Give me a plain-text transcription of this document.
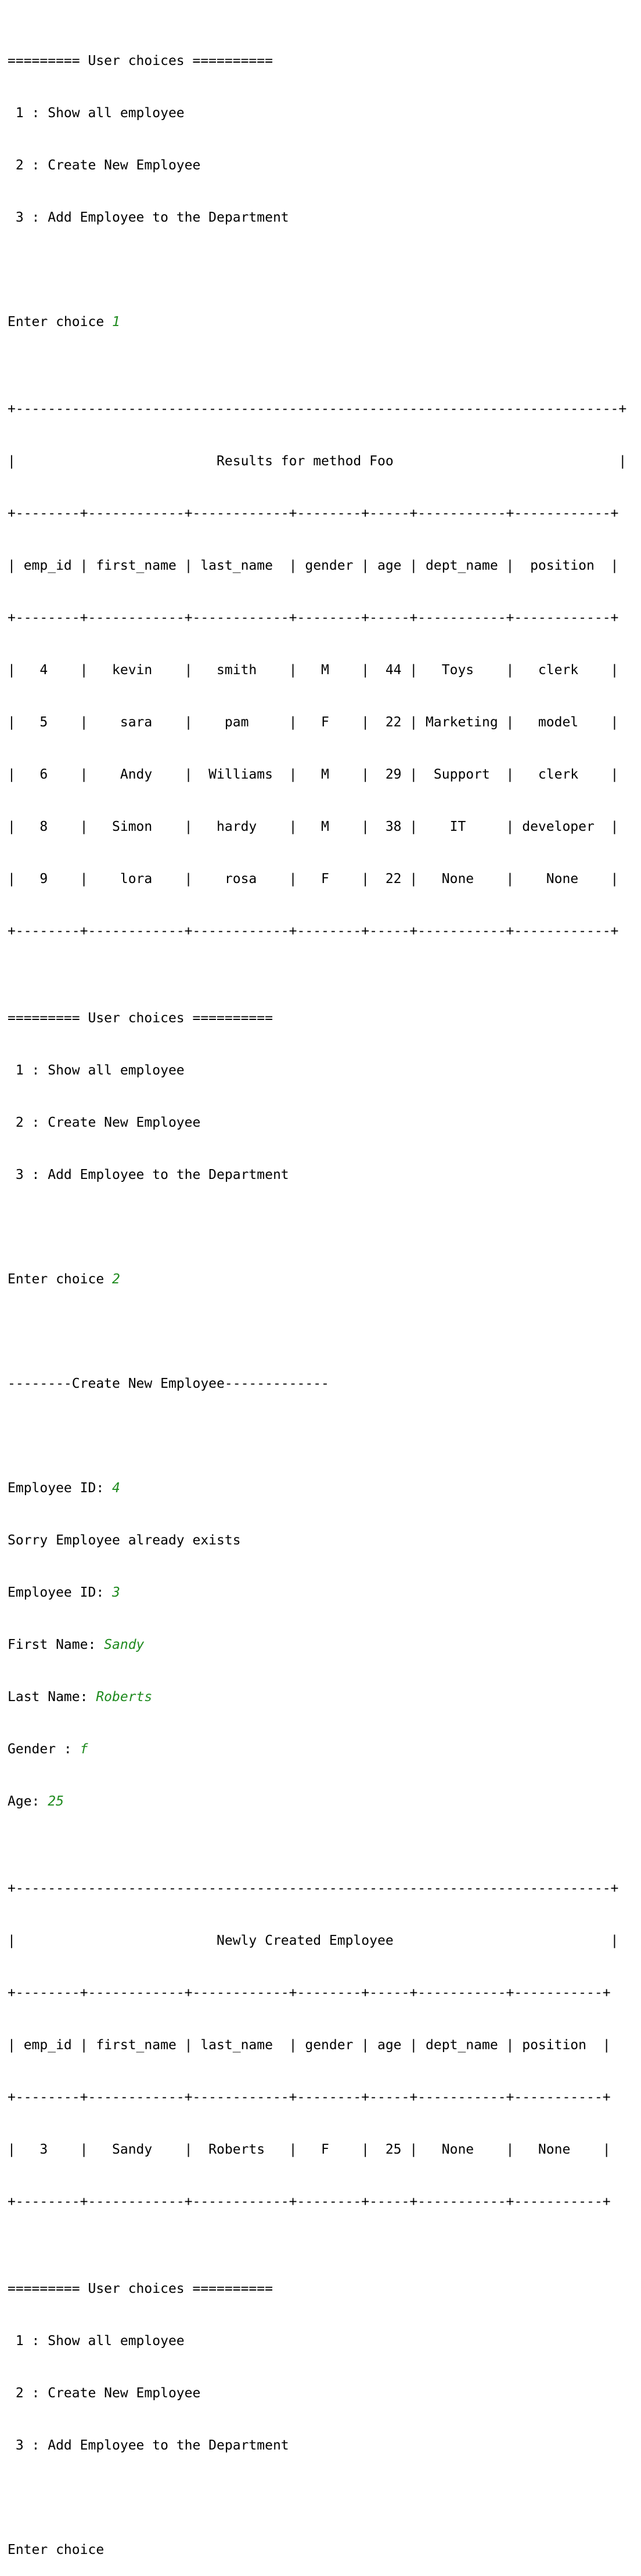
========= User choices ==========

1 : Show all employee

2 : Create New Employee

3 : Add Employee to the Department

Enter choice 1

+---------------------------------------------------------------------------+

|                         Results for method Foo                            |

+--------+------------+------------+--------+-----+-----------+------------+

| emp_id | first_name | last_name  | gender | age | dept_name |  position  |

+--------+------------+------------+--------+-----+-----------+------------+

|   4    |   kevin    |   smith    |   M    |  44 |   Toys    |   clerk    |

|   5    |    sara    |    pam     |   F    |  22 | Marketing |   model    |

|   6    |    Andy    |  Williams  |   M    |  29 |  Support  |   clerk    |

|   8    |   Simon    |   hardy    |   M    |  38 |    IT     | developer  |

|   9    |    lora    |    rosa    |   F    |  22 |   None    |    None    |

+--------+------------+------------+--------+-----+-----------+------------+

========= User choices ==========

1 : Show all employee

2 : Create New Employee

3 : Add Employee to the Department

Enter choice 2

--------Create New Employee-------------

Employee ID: 4

Sorry Employee already exists

Employee ID: 3

First Name: Sandy

Last Name: Roberts

Gender : f

Age: 25

+--------------------------------------------------------------------------+

|                         Newly Created Employee                           |

+--------+------------+------------+--------+-----+-----------+-----------+

| emp_id | first_name | last_name  | gender | age | dept_name | position  |

+--------+------------+------------+--------+-----+-----------+-----------+

|   3    |   Sandy    |  Roberts   |   F    |  25 |   None    |   None    |

+--------+------------+------------+--------+-----+-----------+-----------+

========= User choices ==========

1 : Show all employee

2 : Create New Employee

3 : Add Employee to the Department

Enter choice
